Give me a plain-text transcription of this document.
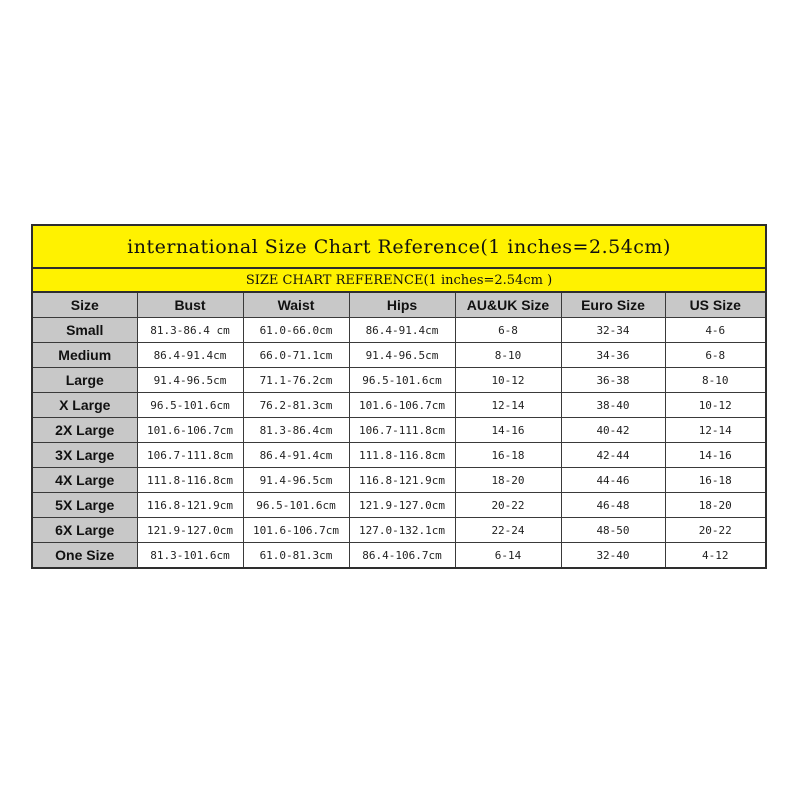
international Size Chart Reference(1 inches=2.54cm)
SIZE CHART REFERENCE(1 inches=2.54cm )
Size	Bust	Waist	Hips	AU&UK Size	Euro Size	US Size
Small	81.3-86.4 cm	61.0-66.0cm	86.4-91.4cm	6-8	32-34	4-6
Medium	86.4-91.4cm	66.0-71.1cm	91.4-96.5cm	8-10	34-36	6-8
Large	91.4-96.5cm	71.1-76.2cm	96.5-101.6cm	10-12	36-38	8-10
X Large	96.5-101.6cm	76.2-81.3cm	101.6-106.7cm	12-14	38-40	10-12
2X Large	101.6-106.7cm	81.3-86.4cm	106.7-111.8cm	14-16	40-42	12-14
3X Large	106.7-111.8cm	86.4-91.4cm	111.8-116.8cm	16-18	42-44	14-16
4X Large	111.8-116.8cm	91.4-96.5cm	116.8-121.9cm	18-20	44-46	16-18
5X Large	116.8-121.9cm	96.5-101.6cm	121.9-127.0cm	20-22	46-48	18-20
6X Large	121.9-127.0cm	101.6-106.7cm	127.0-132.1cm	22-24	48-50	20-22
One Size	81.3-101.6cm	61.0-81.3cm	86.4-106.7cm	6-14	32-40	4-12
